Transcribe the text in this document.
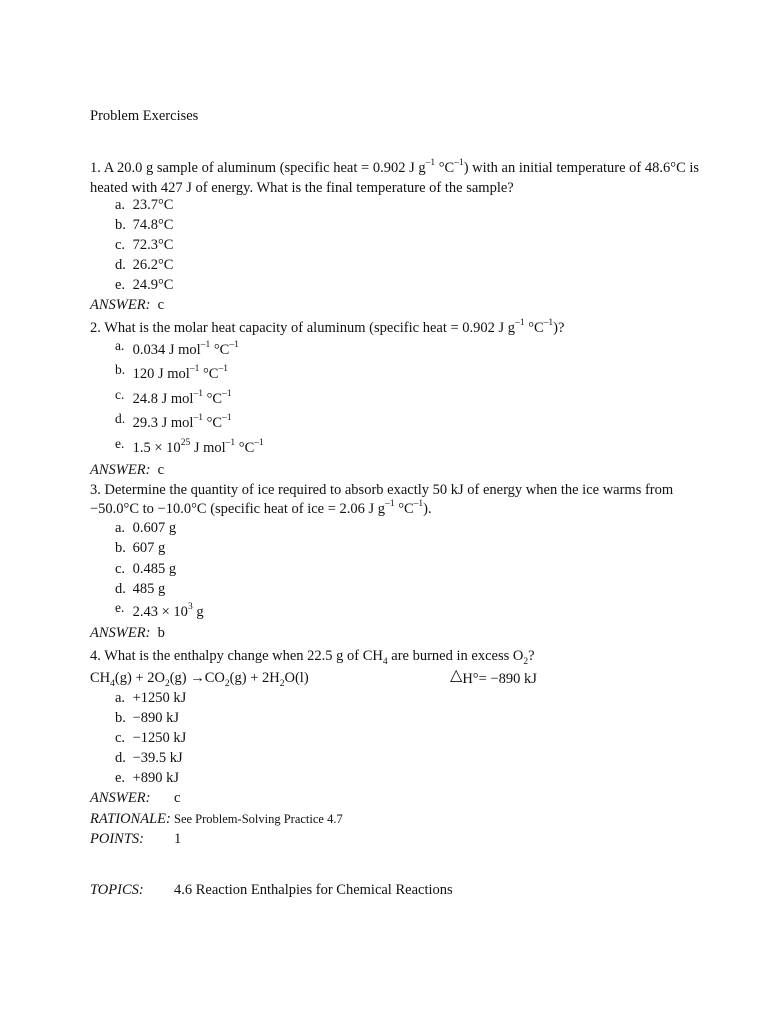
Problem Exercises
1. A 20.0 g sample of aluminum (specific heat = 0.902 J $g^{-1}$ $^\circ C^{-1}$) with an initial temperature of 48.6°C is
heated with 427 J of energy. What is the final temperature of the sample?
a. 23.7°C
b. 74.8°C
c. 72.3°C
d. 26.2°C
e. 24.9°C
ANSWER: c
2. What is the molar heat capacity of aluminum (specific heat = 0.902 J $g^{-1}$ $^\circ C^{-1}$)?
a. 0.034 J mol$^{-1}$ $^\circ C^{-1}$
b. 120 J mol$^{-1}$ $^\circ C^{-1}$
c. 24.8 J mol$^{-1}$ $^\circ C^{-1}$
d. 29.3 J mol$^{-1}$ $^\circ C^{-1}$
e. $1.5 \times 10^{25}$ J mol$^{-1}$ $^\circ C^{-1}$
ANSWER: c
3. Determine the quantity of ice required to absorb exactly 50 kJ of energy when the ice warms from
−50.0°C to −10.0°C (specific heat of ice = 2.06 J $g^{-1}$ $^\circ C^{-1}$).
a. 0.607 g
b. 607 g
c. 0.485 g
d. 485 g
e. $2.43 \times 10^3$ g
ANSWER: b
4. What is the enthalpy change when 22.5 g of $CH_4$ are burned in excess $O_2$?
$CH_4(g) + 2O_2(g) \to CO_2(g) + 2H_2O(l)$	△H°= −890 kJ
a. +1250 kJ
b. −890 kJ
c. −1250 kJ
d. −39.5 kJ
e. +890 kJ
ANSWER: c
RATIONALE: See Problem-Solving Practice 4.7
POINTS: 1
TOPICS: 4.6 Reaction Enthalpies for Chemical Reactions
